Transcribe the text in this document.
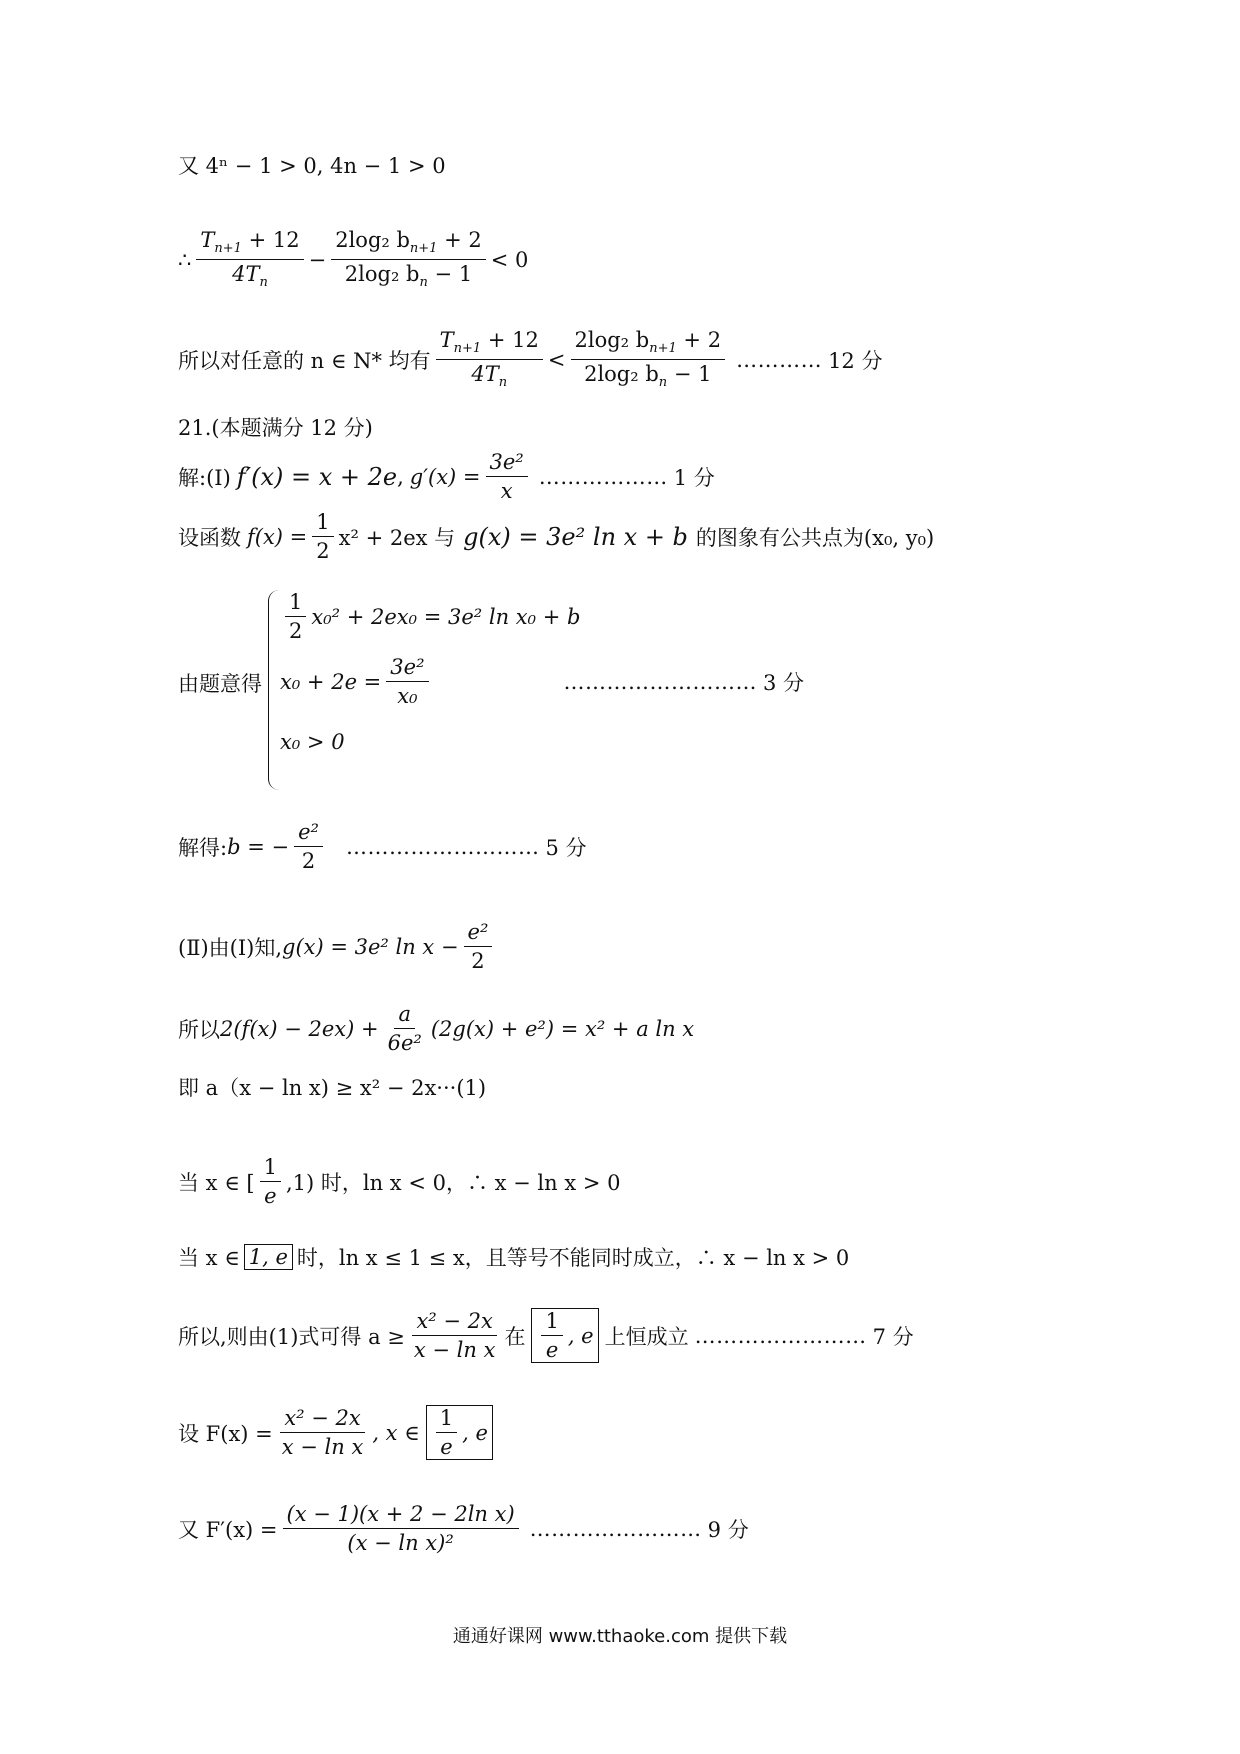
又 4ⁿ − 1 > 0, 4n − 1 > 0
∴ $\frac{T_{n+1} + 12}{4T_n} - \frac{2\log_2 b_{n+1} + 2}{2\log_2 b_n - 1} < 0$
所以对任意的 n ∈ N* 均有 $\frac{T_{n+1} + 12}{4T_n} < \frac{2\log_2 b_{n+1} + 2}{2\log_2 b_n - 1}$ ………… 12 分
21.(本题满分 12 分)
解:(Ⅰ) f′(x) = x + 2e , $g'(x) = \frac{\text{3e²}}{x}$ ……………… 1 分
设函数 $f(x) = \frac{1}{2} x^2 + 2ex$ 与 g(x) = 3e² ln x + b 的图象有公共点为(x₀, y₀)
由题意得
$\frac{1}{2} x_0^2 + 2ex_0 = 3e^2$ ln x₀ + b
$x_0 + 2e = \frac{\text{3e²}}{\text{x₀}}$	……………………… 3 分
x₀ > 0
解得: b = − $\frac{\text{e²}}{2}$ ……………………… 5 分
(Ⅱ)由(Ⅰ)知, g(x) = 3e² $\ln x - \frac{\text{e²}}{2}$
所以 $2(f(x) - 2ex) + \frac{a}{\text{6e²}} (2g(x) + e^2) = x^2 + a$ ln x
即 a（x − ln x) ≥ x² − 2x···(1)
当 x ∈ [ $\frac{1}{e} ,1$) 时，ln x < 0，∴ x − ln x > 0
当 x ∈ 1, e 时，ln x ≤ 1 ≤ x，且等号不能同时成立，∴ x − ln x > 0
所以,则由(1)式可得 $a \ge \frac{\text{x² − 2x}}{\text{x − ln x}}$ 在 $\frac{1}{e}$ , e 上恒成立 …………………… 7 分
设 $F(x) = \frac{\text{x² − 2x}}{\text{x − ln x}}$ , x ∈ $\frac{1}{e}$ , e
又 $F'(x) = \frac{\text{(x − 1)(x + 2 − 2ln x)}}{\text{(x − ln x)²}}$ …………………… 9 分
通通好课网 www.tthaoke.com 提供下载
